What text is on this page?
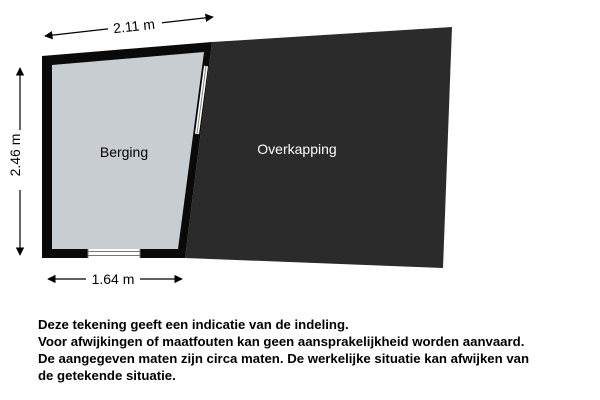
Overkapping
Berging
2.11 m
2.46 m
1.64 m
Deze tekening geeft een indicatie van de indeling.
Voor afwijkingen of maatfouten kan geen aansprakelijkheid worden aanvaard.
De aangegeven maten zijn circa maten. De werkelijke situatie kan afwijken van
de getekende situatie.
